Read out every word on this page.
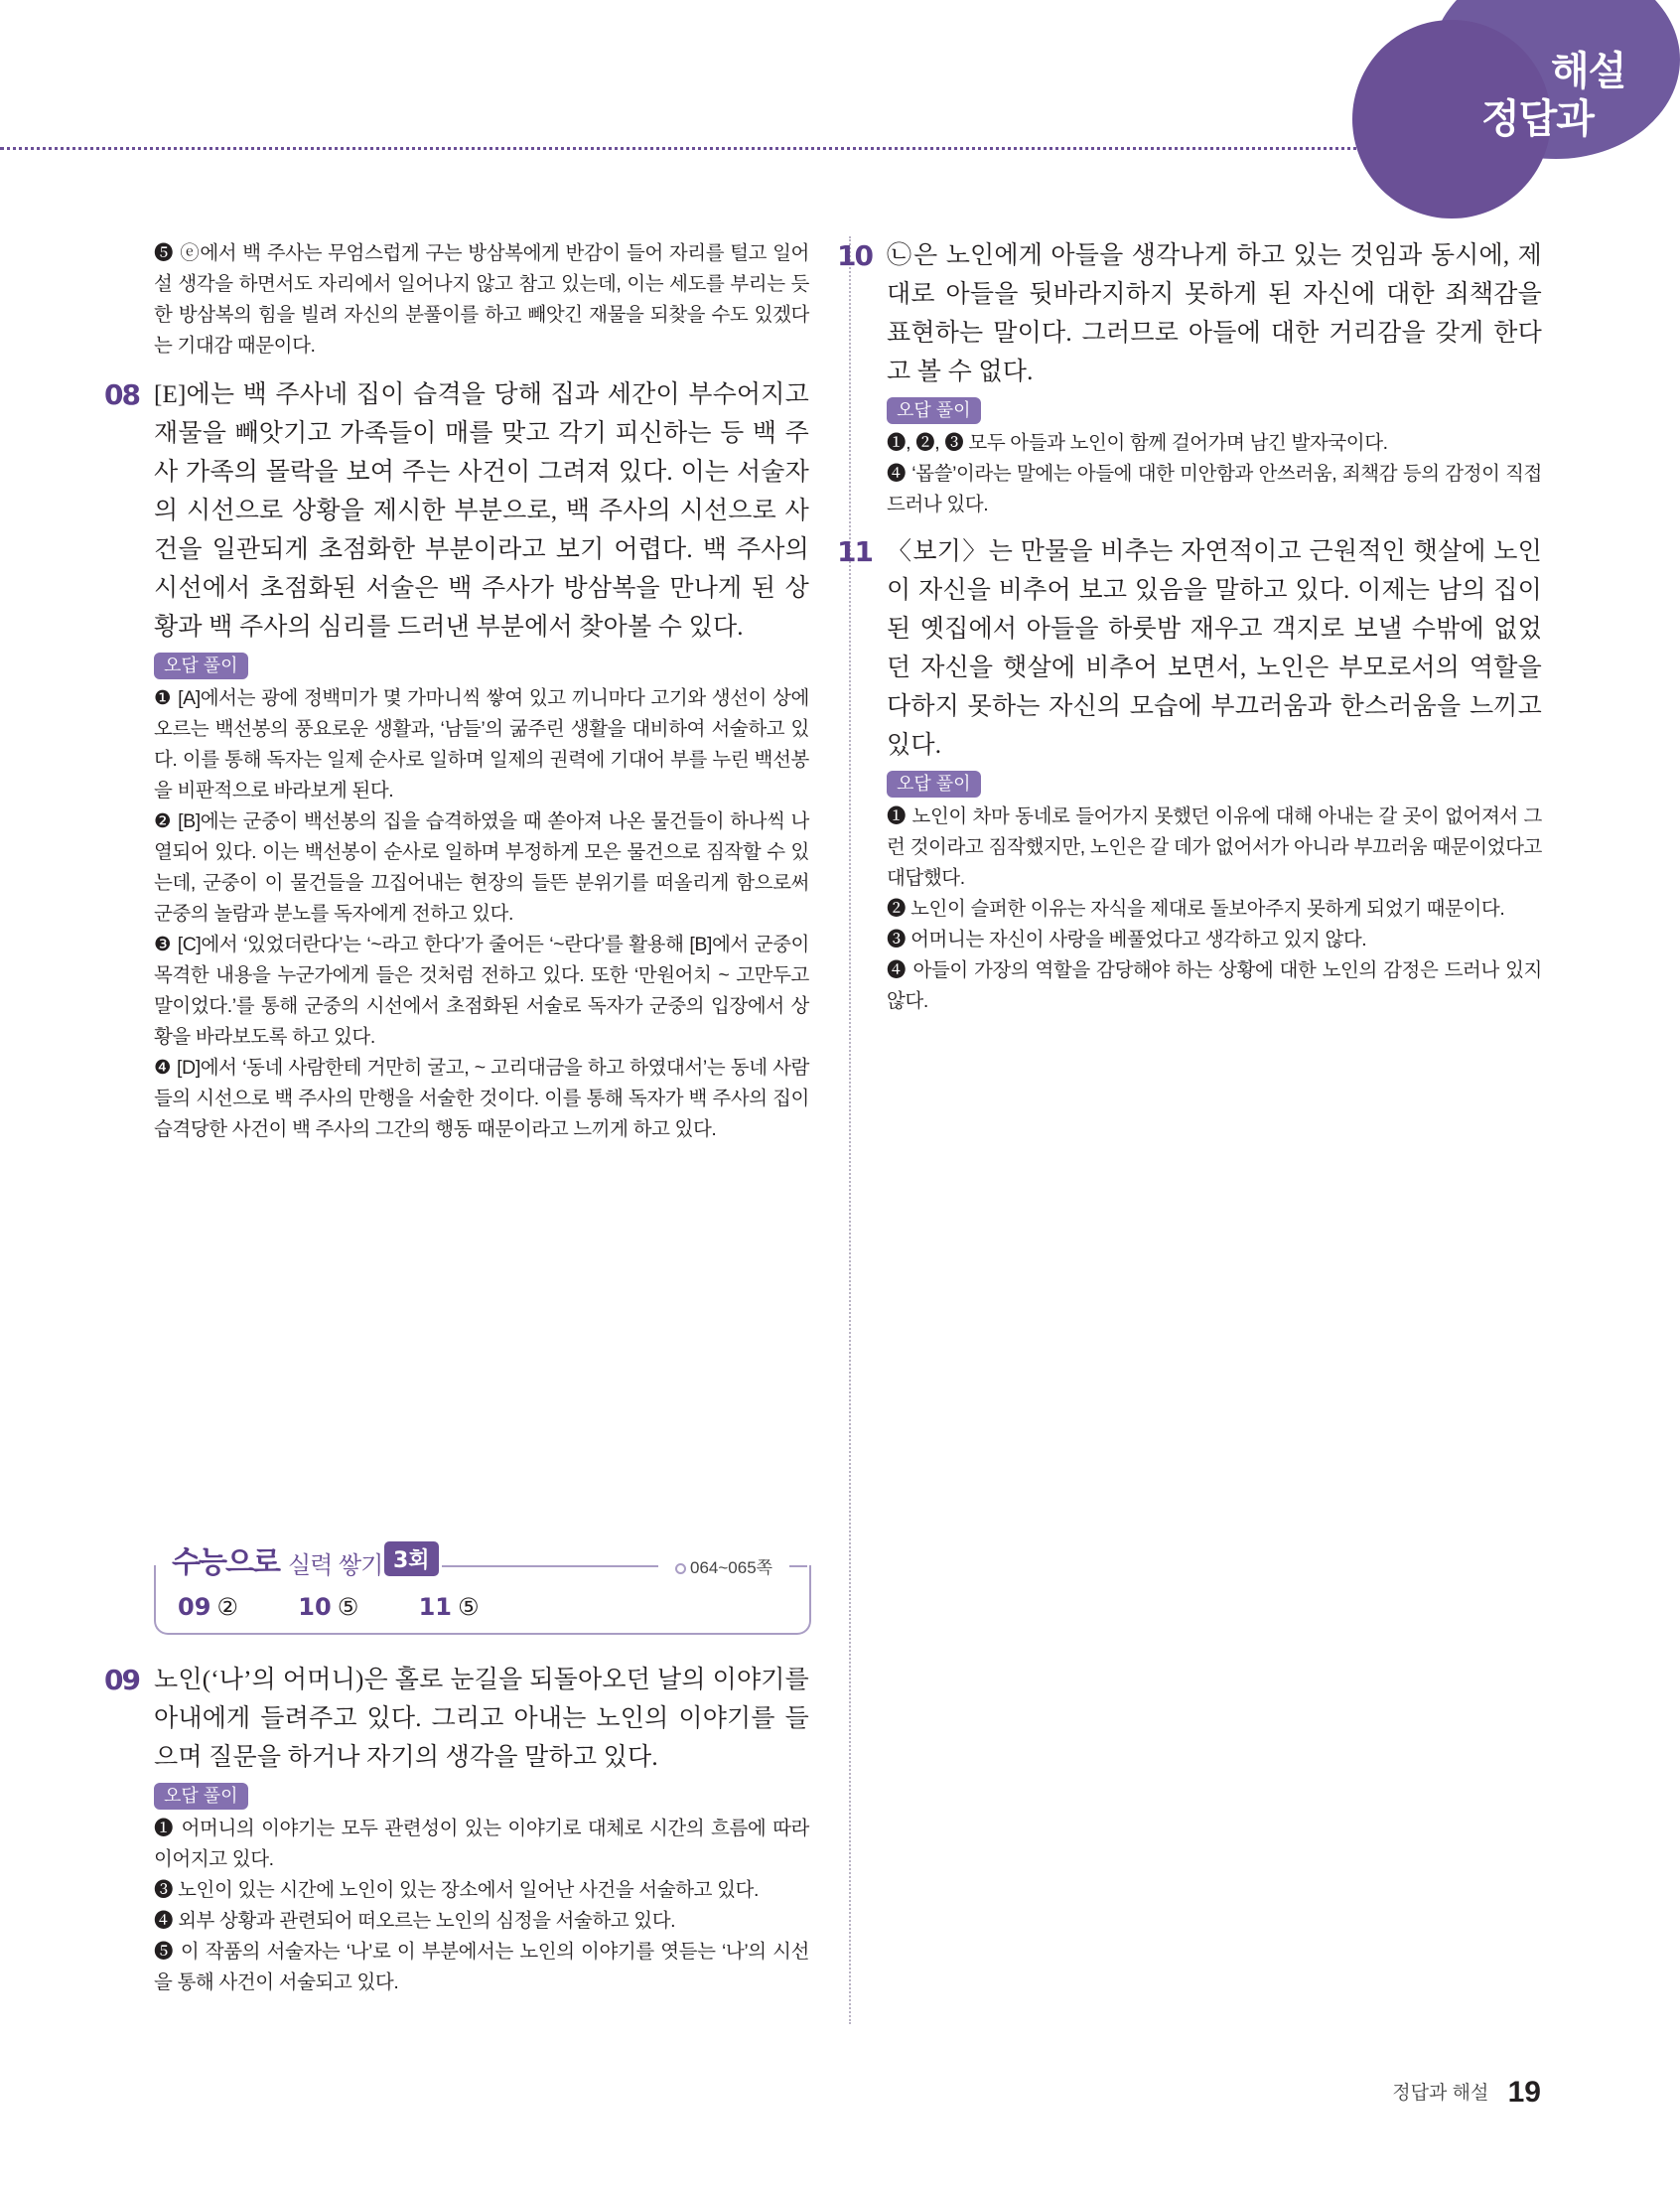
정답과
해설
❺ ⓔ에서 백 주사는 무엄스럽게 구는 방삼복에게 반감이 들어 자리를 털고 일어설 생각을 하면서도 자리에서 일어나지 않고 참고 있는데, 이는 세도를 부리는 듯한 방삼복의 힘을 빌려 자신의 분풀이를 하고 빼앗긴 재물을 되찾을 수도 있겠다는 기대감 때문이다.
08 [E]에는 백 주사네 집이 습격을 당해 집과 세간이 부수어지고 재물을 빼앗기고 가족들이 매를 맞고 각기 피신하는 등 백 주사 가족의 몰락을 보여 주는 사건이 그려져 있다. 이는 서술자의 시선으로 상황을 제시한 부분으로, 백 주사의 시선으로 사건을 일관되게 초점화한 부분이라고 보기 어렵다. 백 주사의 시선에서 초점화된 서술은 백 주사가 방삼복을 만나게 된 상황과 백 주사의 심리를 드러낸 부분에서 찾아볼 수 있다.

오답 풀이

❶ [A]에서는 광에 정백미가 몇 가마니씩 쌓여 있고 끼니마다 고기와 생선이 상에 오르는 백선봉의 풍요로운 생활과, ‘남들’의 굶주린 생활을 대비하여 서술하고 있다. 이를 통해 독자는 일제 순사로 일하며 일제의 권력에 기대어 부를 누린 백선봉을 비판적으로 바라보게 된다.

❷ [B]에는 군중이 백선봉의 집을 습격하였을 때 쏟아져 나온 물건들이 하나씩 나열되어 있다. 이는 백선봉이 순사로 일하며 부정하게 모은 물건으로 짐작할 수 있는데, 군중이 이 물건들을 끄집어내는 현장의 들뜬 분위기를 떠올리게 함으로써 군중의 놀람과 분노를 독자에게 전하고 있다.

❸ [C]에서 ‘있었더란다’는 ‘~라고 한다’가 줄어든 ‘~란다’를 활용해 [B]에서 군중이 목격한 내용을 누군가에게 들은 것처럼 전하고 있다. 또한 ‘만원어치 ~ 고만두고 말이었다.’를 통해 군중의 시선에서 초점화된 서술로 독자가 군중의 입장에서 상황을 바라보도록 하고 있다.

❹ [D]에서 ‘동네 사람한테 거만히 굴고, ~ 고리대금을 하고 하였대서’는 동네 사람들의 시선으로 백 주사의 만행을 서술한 것이다. 이를 통해 독자가 백 주사의 집이 습격당한 사건이 백 주사의 그간의 행동 때문이라고 느끼게 하고 있다.

수능으로 실력 쌓기 3회	064~065쪽
09 ②	10 ⑤	11 ⑤
09 노인(‘나’의 어머니)은 홀로 눈길을 되돌아오던 날의 이야기를 아내에게 들려주고 있다. 그리고 아내는 노인의 이야기를 들으며 질문을 하거나 자기의 생각을 말하고 있다.

오답 풀이

❶ 어머니의 이야기는 모두 관련성이 있는 이야기로 대체로 시간의 흐름에 따라 이어지고 있다.

❸ 노인이 있는 시간에 노인이 있는 장소에서 일어난 사건을 서술하고 있다.

❹ 외부 상황과 관련되어 떠오르는 노인의 심정을 서술하고 있다.

❺ 이 작품의 서술자는 ‘나’로 이 부분에서는 노인의 이야기를 엿듣는 ‘나’의 시선을 통해 사건이 서술되고 있다.

10 ㉡은 노인에게 아들을 생각나게 하고 있는 것임과 동시에, 제대로 아들을 뒷바라지하지 못하게 된 자신에 대한 죄책감을 표현하는 말이다. 그러므로 아들에 대한 거리감을 갖게 한다고 볼 수 없다.

오답 풀이

❶, ❷, ❸ 모두 아들과 노인이 함께 걸어가며 남긴 발자국이다.

❹ ‘몹쓸’이라는 말에는 아들에 대한 미안함과 안쓰러움, 죄책감 등의 감정이 직접 드러나 있다.

11 〈보기〉는 만물을 비추는 자연적이고 근원적인 햇살에 노인이 자신을 비추어 보고 있음을 말하고 있다. 이제는 남의 집이 된 옛집에서 아들을 하룻밤 재우고 객지로 보낼 수밖에 없었던 자신을 햇살에 비추어 보면서, 노인은 부모로서의 역할을 다하지 못하는 자신의 모습에 부끄러움과 한스러움을 느끼고 있다.

오답 풀이

❶ 노인이 차마 동네로 들어가지 못했던 이유에 대해 아내는 갈 곳이 없어져서 그런 것이라고 짐작했지만, 노인은 갈 데가 없어서가 아니라 부끄러움 때문이었다고 대답했다.

❷ 노인이 슬퍼한 이유는 자식을 제대로 돌보아주지 못하게 되었기 때문이다.

❸ 어머니는 자신이 사랑을 베풀었다고 생각하고 있지 않다.

❹ 아들이 가장의 역할을 감당해야 하는 상황에 대한 노인의 감정은 드러나 있지 않다.

정답과 해설 19
